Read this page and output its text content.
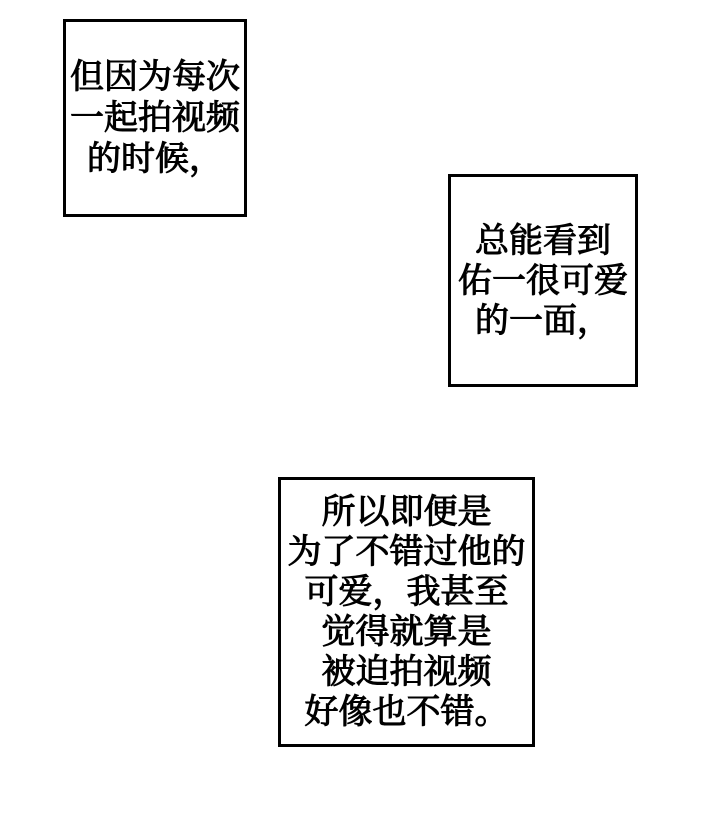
但因为每次
一起拍视频
的时候，
总能看到
佑一很可爱
的一面，
所以即便是
为了不错过他的
可爱，我甚至
觉得就算是
被迫拍视频
好像也不错。
